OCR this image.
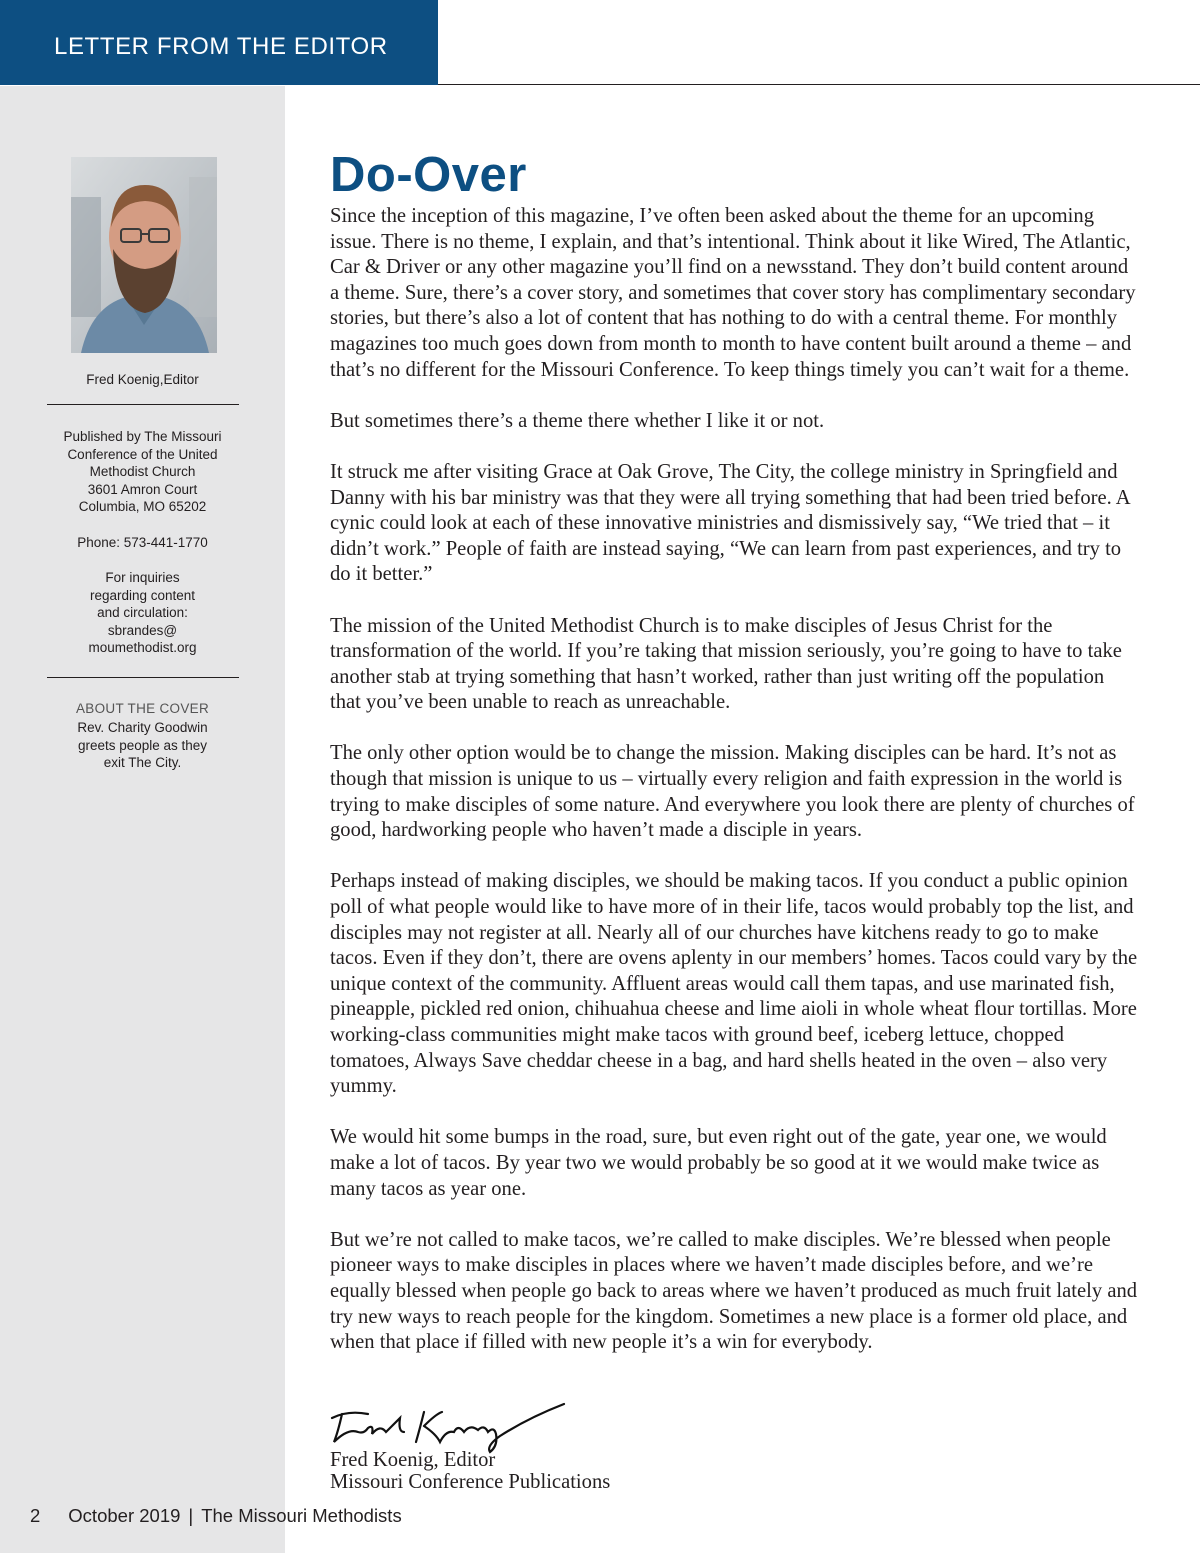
LETTER FROM THE EDITOR
Fred Koenig,Editor
Published by The Missouri
Conference of the United
Methodist Church
3601 Amron Court
Columbia, MO 65202
Phone: 573-441-1770
For inquiries
regarding content
and circulation:
sbrandes@
moumethodist.org
ABOUT THE COVER
Rev. Charity Goodwin
greets people as they
exit The City.
Do-Over

Since the inception of this magazine, I’ve often been asked about the theme for an upcoming issue. There is no theme, I explain, and that’s intentional. Think about it like Wired, The Atlantic, Car & Driver or any other magazine you’ll find on a newsstand. They don’t build content around a theme. Sure, there’s a cover story, and sometimes that cover story has complimentary secondary stories, but there’s also a lot of content that has nothing to do with a central theme. For monthly magazines too much goes down from month to month to have content built around a theme – and that’s no different for the Missouri Conference. To keep things timely you can’t wait for a theme.

But sometimes there’s a theme there whether I like it or not.

It struck me after visiting Grace at Oak Grove, The City, the college ministry in Springfield and Danny with his bar ministry was that they were all trying something that had been tried before. A cynic could look at each of these innovative ministries and dismissively say, “We tried that – it didn’t work.” People of faith are instead saying, “We can learn from past experiences, and try to do it better.”

The mission of the United Methodist Church is to make disciples of Jesus Christ for the transformation of the world. If you’re taking that mission seriously, you’re going to have to take another stab at trying something that hasn’t worked, rather than just writing off the population that you’ve been unable to reach as unreachable.

The only other option would be to change the mission. Making disciples can be hard. It’s not as though that mission is unique to us – virtually every religion and faith expression in the world is trying to make disciples of some nature. And everywhere you look there are plenty of churches of good, hardworking people who haven’t made a disciple in years.

Perhaps instead of making disciples, we should be making tacos. If you conduct a public opinion poll of what people would like to have more of in their life, tacos would probably top the list, and disciples may not register at all. Nearly all of our churches have kitchens ready to go to make tacos. Even if they don’t, there are ovens aplenty in our members’ homes. Tacos could vary by the unique context of the community. Affluent areas would call them tapas, and use marinated fish, pineapple, pickled red onion, chihuahua cheese and lime aioli in whole wheat flour tortillas. More working-class communities might make tacos with ground beef, iceberg lettuce, chopped tomatoes, Always Save cheddar cheese in a bag, and hard shells heated in the oven – also very yummy.

We would hit some bumps in the road, sure, but even right out of the gate, year one, we would make a lot of tacos. By year two we would probably be so good at it we would make twice as many tacos as year one.

But we’re not called to make tacos, we’re called to make disciples. We’re blessed when people pioneer ways to make disciples in places where we haven’t made disciples before, and we’re equally blessed when people go back to areas where we haven’t produced as much fruit lately and try new ways to reach people for the kingdom. Sometimes a new place is a former old place, and when that place if filled with new people it’s a win for everybody.

Fred Koenig, Editor
Missouri Conference Publications
2 October 2019 | The Missouri Methodists
